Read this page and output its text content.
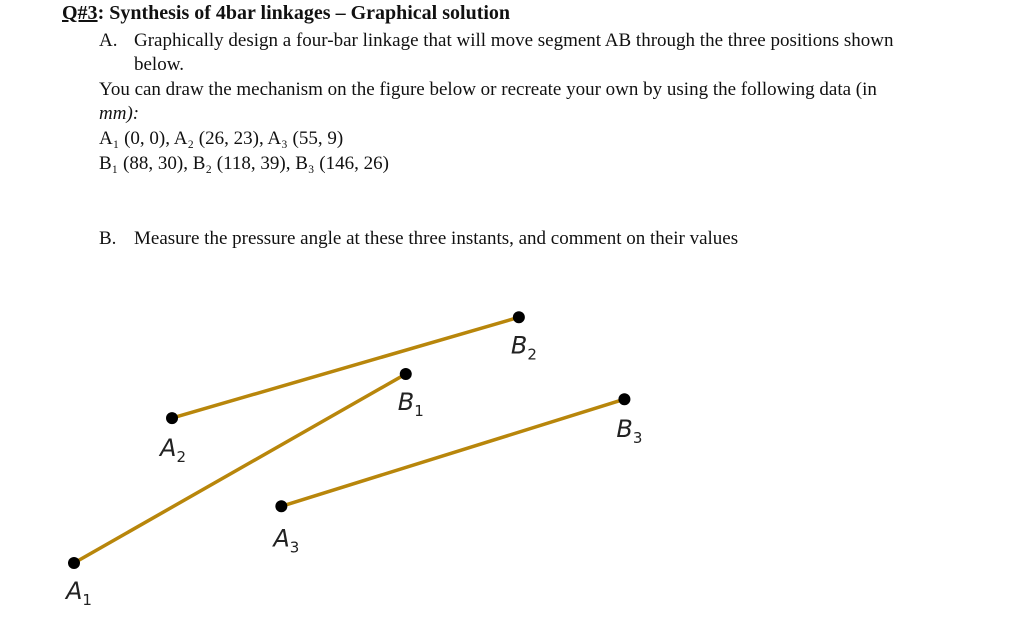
Q#3: Synthesis of 4bar linkages – Graphical solution
A. Graphically design a four-bar linkage that will move segment AB through the three positions shown
below.
You can draw the mechanism on the figure below or recreate your own by using the following data (in
mm):
A₁ (0, 0), A₂ (26, 23), A₃ (55, 9)
B₁ (88, 30), B₂ (118, 39), B₃ (146, 26)
B. Measure the pressure angle at these three instants, and comment on their values
$A_1$
$A_2$
$A_3$
$B_1$
$B_2$
$B_3$
